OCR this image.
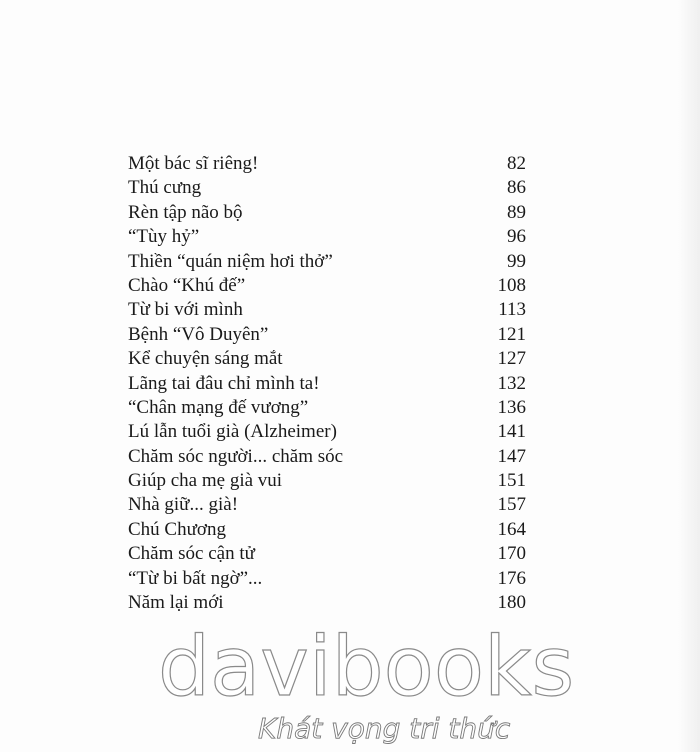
Một bác sĩ riêng!	82
Thú cưng	86
Rèn tập não bộ	89
“Tùy hỷ”	96
Thiền “quán niệm hơi thở”	99
Chào “Khú đế”	108
Từ bi với mình	113
Bệnh “Vô Duyên”	121
Kể chuyện sáng mắt	127
Lãng tai đâu chỉ mình ta!	132
“Chân mạng đế vương”	136
Lú lẫn tuổi già (Alzheimer)	141
Chăm sóc người... chăm sóc	147
Giúp cha mẹ già vui	151
Nhà giữ... già!	157
Chú Chương	164
Chăm sóc cận tử	170
“Từ bi bất ngờ”...	176
Năm lại mới	180
davibooks
Khát vọng tri thức
